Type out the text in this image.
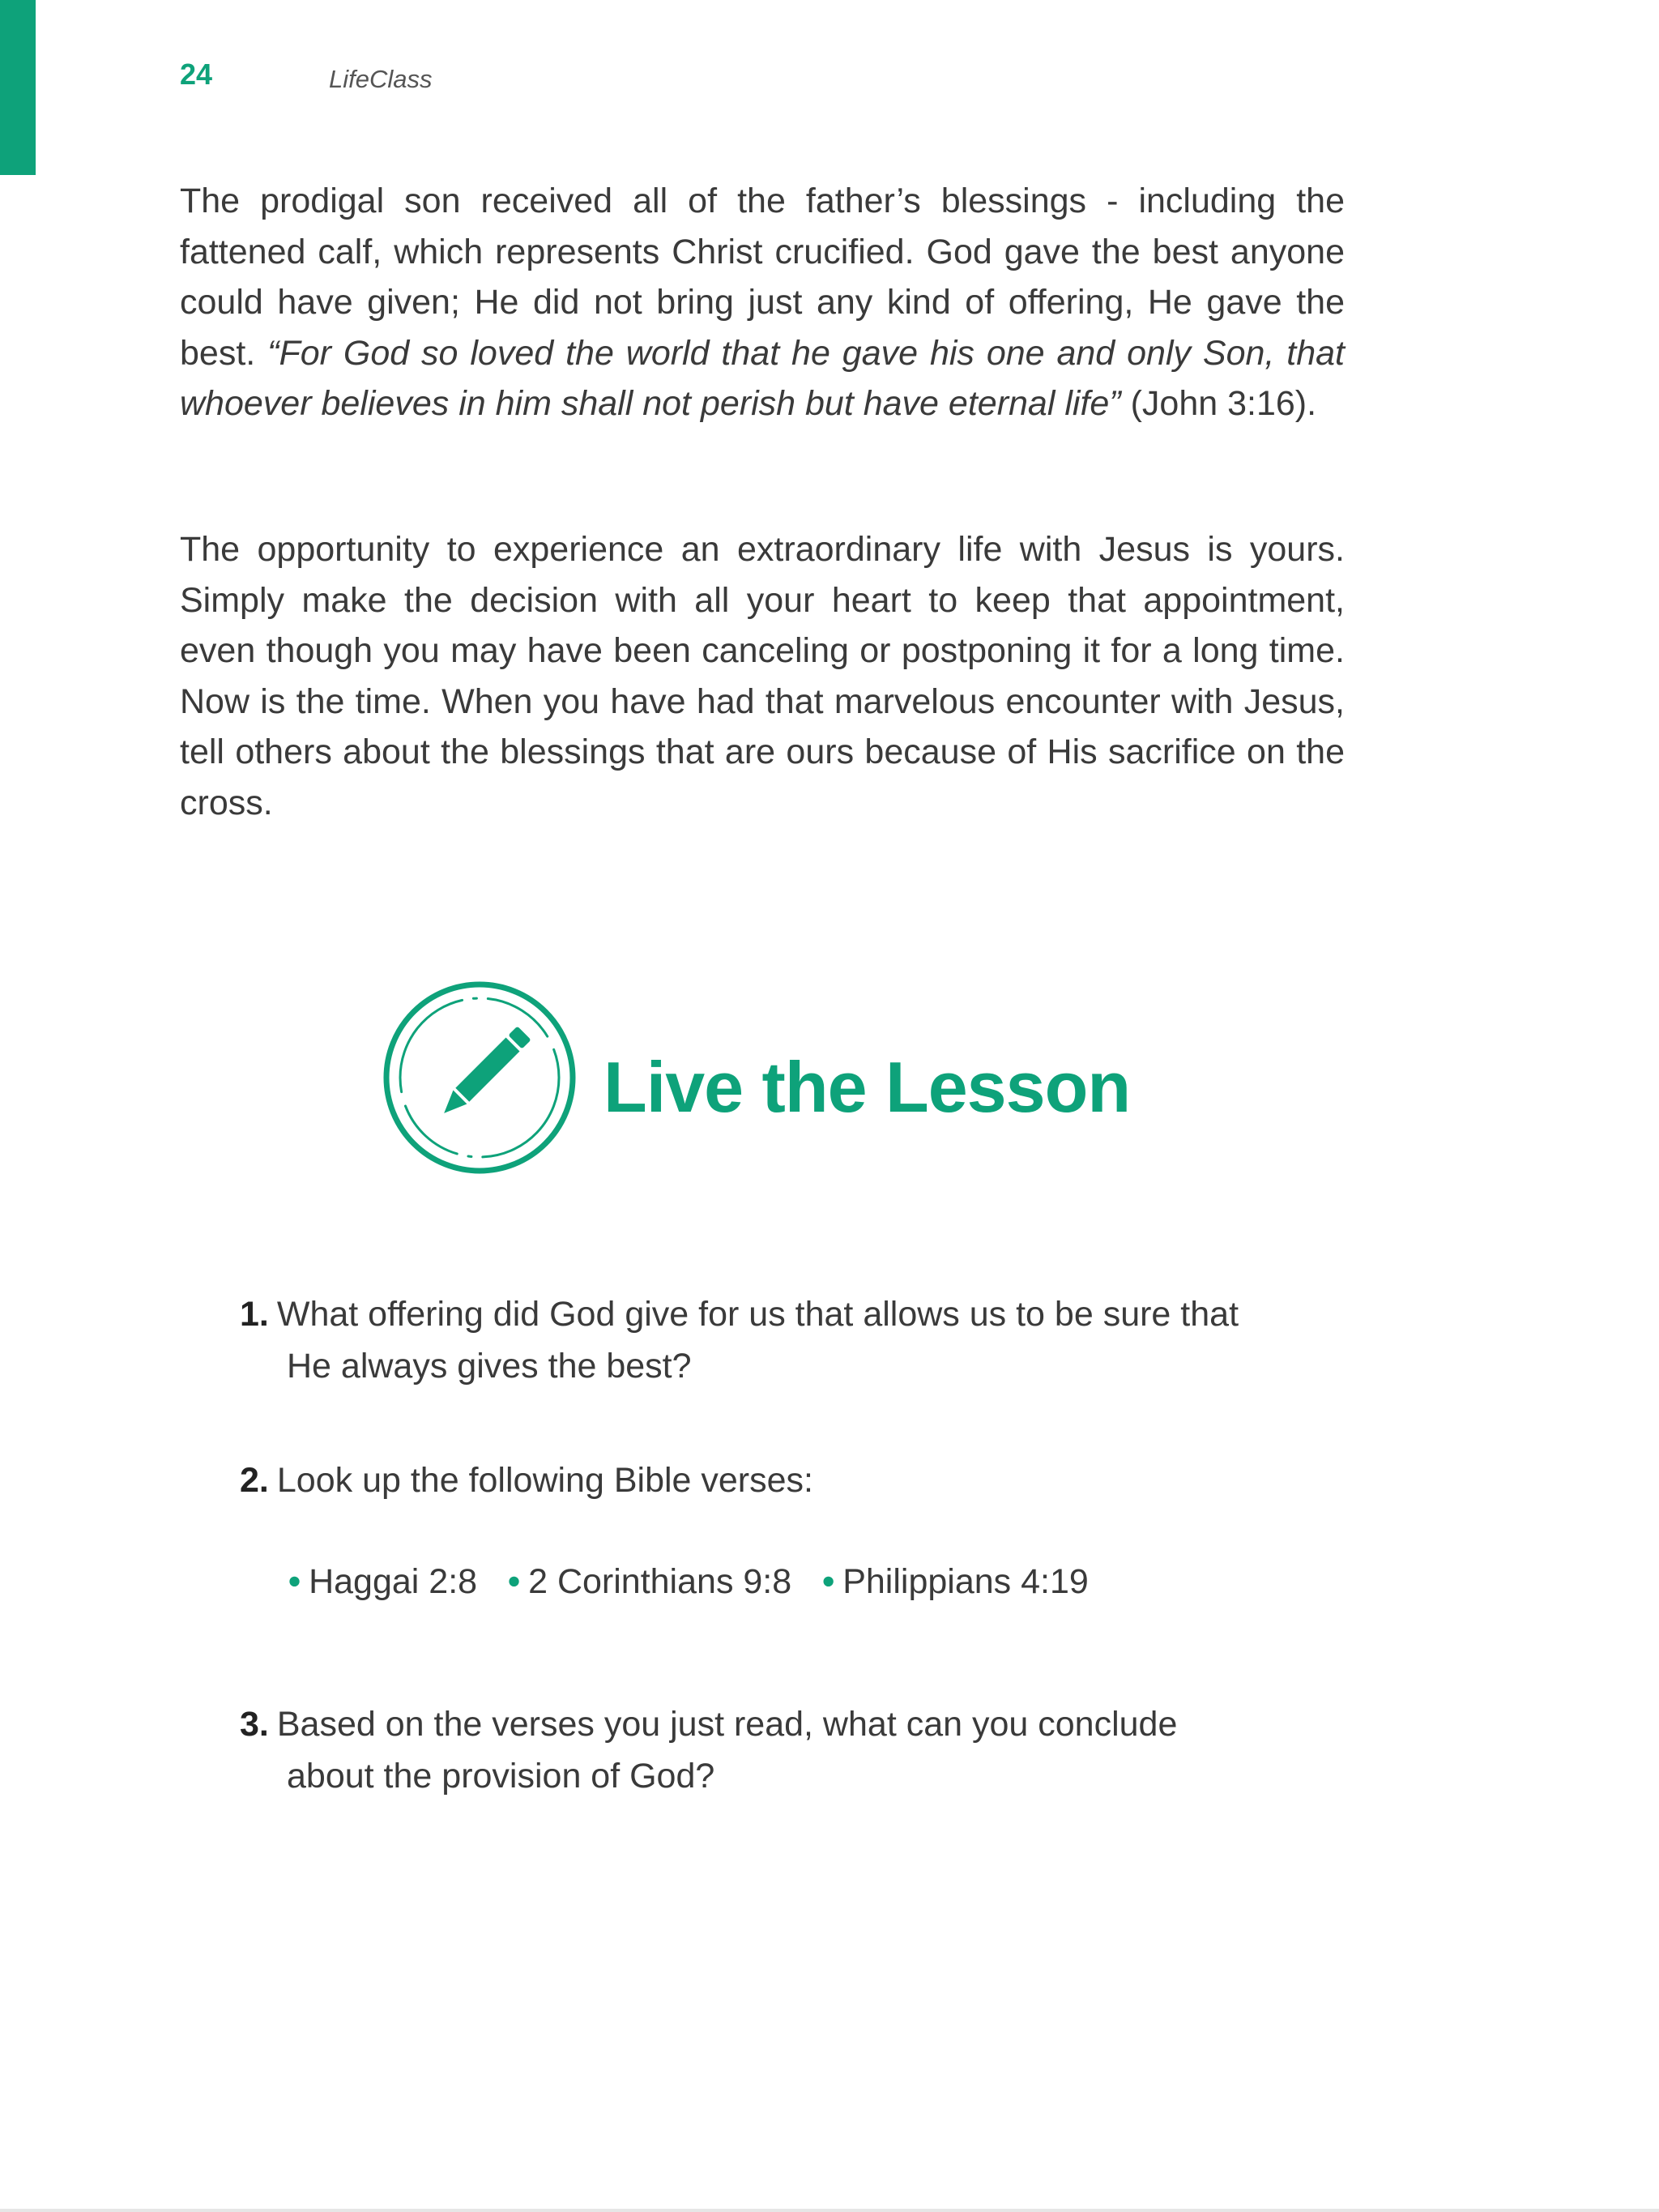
24	LifeClass

The prodigal son received all of the father’s blessings - including the fattened calf, which represents Christ crucified. God gave the best anyone could have given; He did not bring just any kind of offering, He gave the best. “For God so loved the world that he gave his one and only Son, that whoever believes in him shall not perish but have eternal life” (John 3:16).

The opportunity to experience an extraordinary life with Jesus is yours. Simply make the decision with all your heart to keep that appointment, even though you may have been canceling or postponing it for a long time. Now is the time. When you have had that marvelous encounter with Jesus, tell others about the blessings that are ours because of His sacrifice on the cross.

Live the Lesson

1. What offering did God give for us that allows us to be sure that
He always gives the best?

2. Look up the following Bible verses:

• Haggai 2:8 • 2 Corinthians 9:8 • Philippians 4:19

3. Based on the verses you just read, what can you conclude
about the provision of God?
